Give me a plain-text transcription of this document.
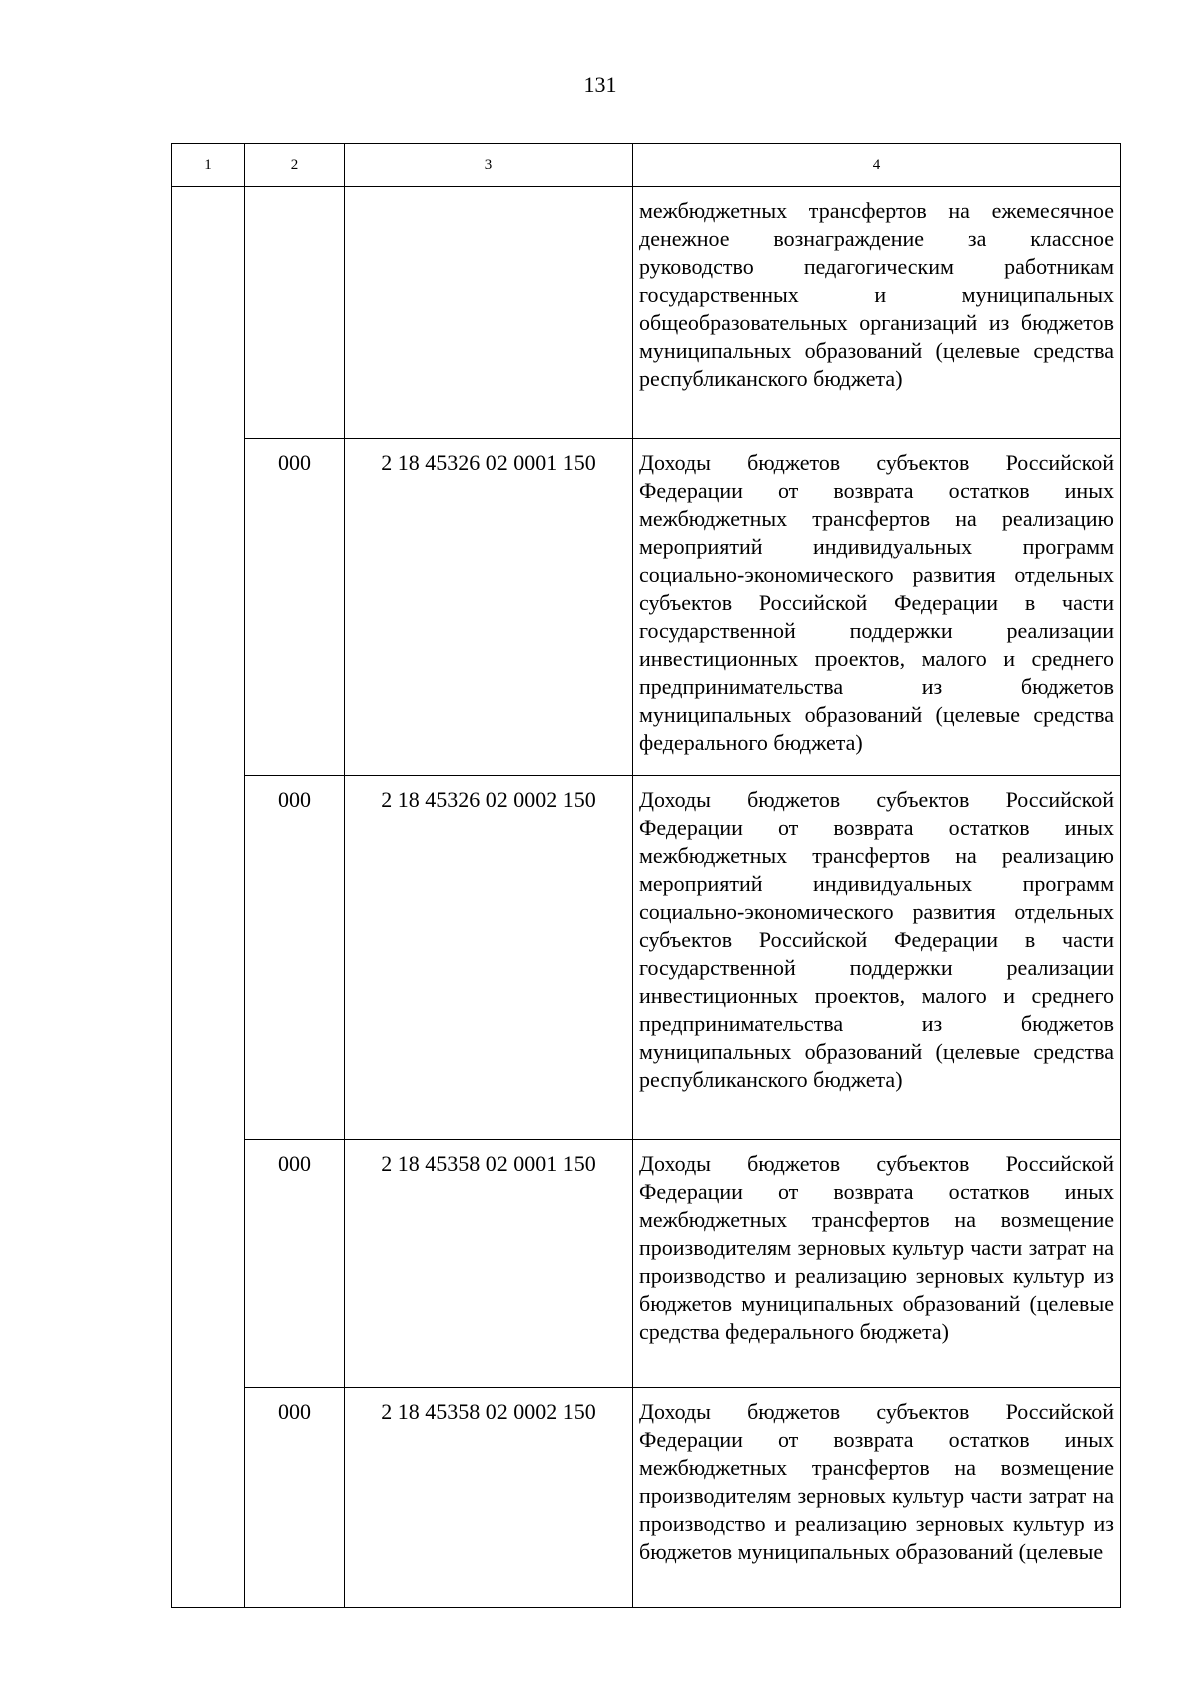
131
1	2	3	4

			межбюджетных трансфертов на ежемесячное денежное вознаграждение за классное руководство педагогическим работникам государственных и муниципальных общеобразовательных организаций из бюджетов муниципальных образований (целевые средства республиканского бюджета)

	000	2 18 45326 02 0001 150	Доходы бюджетов субъектов Российской Федерации от возврата остатков иных межбюджетных трансфертов на реализацию мероприятий индивидуальных программ социально-экономического развития отдельных субъектов Российской Федерации в части государственной поддержки реализации инвестиционных проектов, малого и среднего предпринимательства из бюджетов муниципальных образований (целевые средства федерального бюджета)

	000	2 18 45326 02 0002 150	Доходы бюджетов субъектов Российской Федерации от возврата остатков иных межбюджетных трансфертов на реализацию мероприятий индивидуальных программ социально-экономического развития отдельных субъектов Российской Федерации в части государственной поддержки реализации инвестиционных проектов, малого и среднего предпринимательства из бюджетов муниципальных образований (целевые средства республиканского бюджета)

	000	2 18 45358 02 0001 150	Доходы бюджетов субъектов Российской Федерации от возврата остатков иных межбюджетных трансфертов на возмещение производителям зерновых культур части затрат на производство и реализацию зерновых культур из бюджетов муниципальных образований (целевые средства федерального бюджета)

	000	2 18 45358 02 0002 150	Доходы бюджетов субъектов Российской Федерации от возврата остатков иных межбюджетных трансфертов на возмещение производителям зерновых культур части затрат на производство и реализацию зерновых культур из бюджетов муниципальных образований (целевые
